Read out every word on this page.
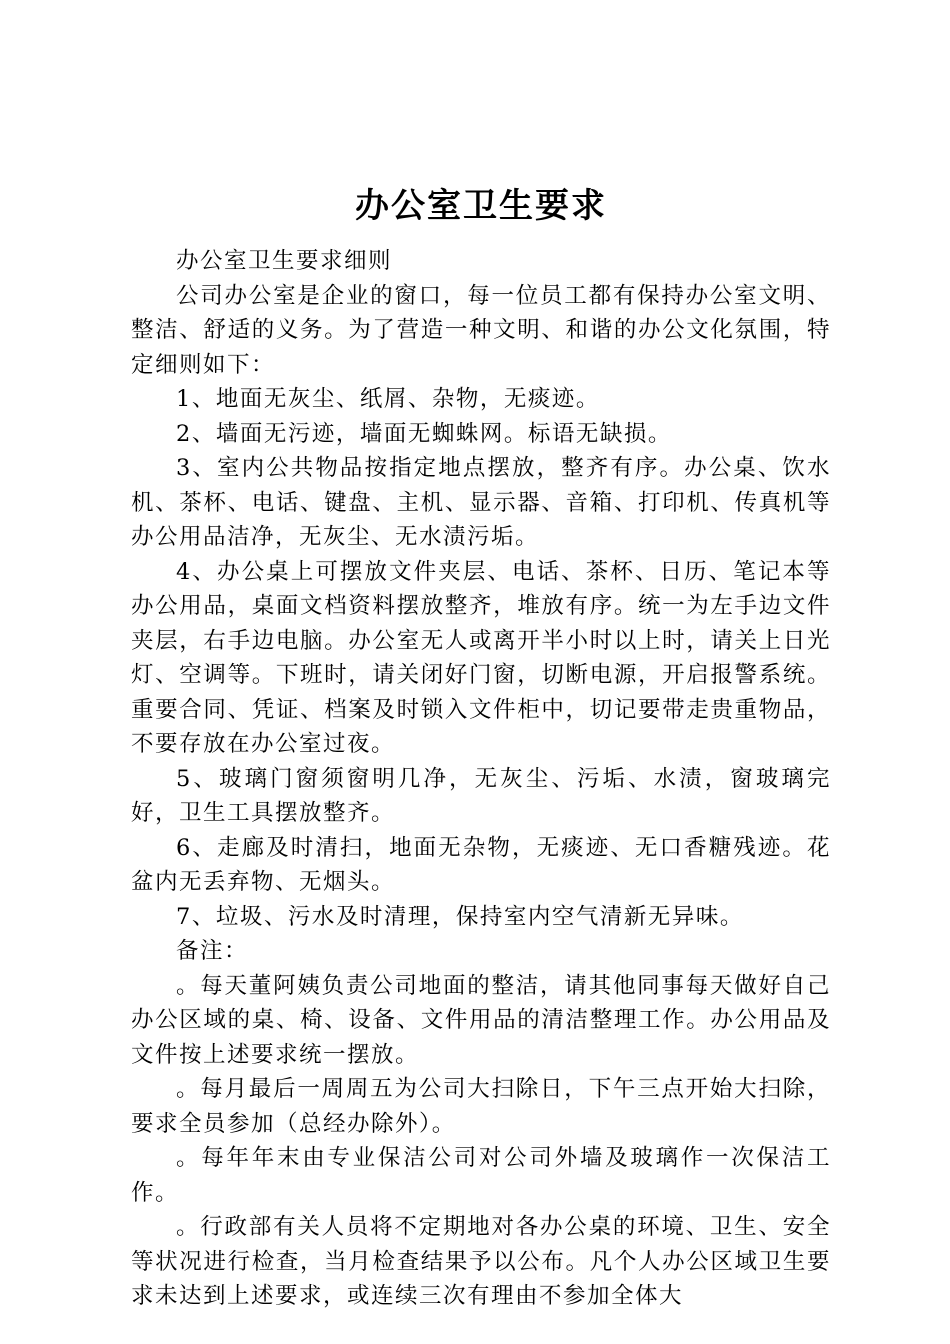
办公室卫生要求

办公室卫生要求细则

公司办公室是企业的窗口，每一位员工都有保持办公室文明、整洁、舒适的义务。为了营造一种文明、和谐的办公文化氛围，特定细则如下：

1、地面无灰尘、纸屑、杂物，无痰迹。

2、墙面无污迹，墙面无蜘蛛网。标语无缺损。

3、室内公共物品按指定地点摆放，整齐有序。办公桌、饮水机、茶杯、电话、键盘、主机、显示器、音箱、打印机、传真机等办公用品洁净，无灰尘、无水渍污垢。

4、办公桌上可摆放文件夹层、电话、茶杯、日历、笔记本等办公用品，桌面文档资料摆放整齐，堆放有序。统一为左手边文件夹层，右手边电脑。办公室无人或离开半小时以上时，请关上日光灯、空调等。下班时，请关闭好门窗，切断电源，开启报警系统。重要合同、凭证、档案及时锁入文件柜中，切记要带走贵重物品，不要存放在办公室过夜。

5、玻璃门窗须窗明几净，无灰尘、污垢、水渍，窗玻璃完好，卫生工具摆放整齐。

6、走廊及时清扫，地面无杂物，无痰迹、无口香糖残迹。花盆内无丢弃物、无烟头。

7、垃圾、污水及时清理，保持室内空气清新无异味。

备注：

。每天董阿姨负责公司地面的整洁，请其他同事每天做好自己办公区域的桌、椅、设备、文件用品的清洁整理工作。办公用品及文件按上述要求统一摆放。

。每月最后一周周五为公司大扫除日，下午三点开始大扫除，要求全员参加（总经办除外）。

。每年年末由专业保洁公司对公司外墙及玻璃作一次保洁工作。

。行政部有关人员将不定期地对各办公桌的环境、卫生、安全等状况进行检查，当月检查结果予以公布。凡个人办公区域卫生要求未达到上述要求，或连续三次有理由不参加全体大
